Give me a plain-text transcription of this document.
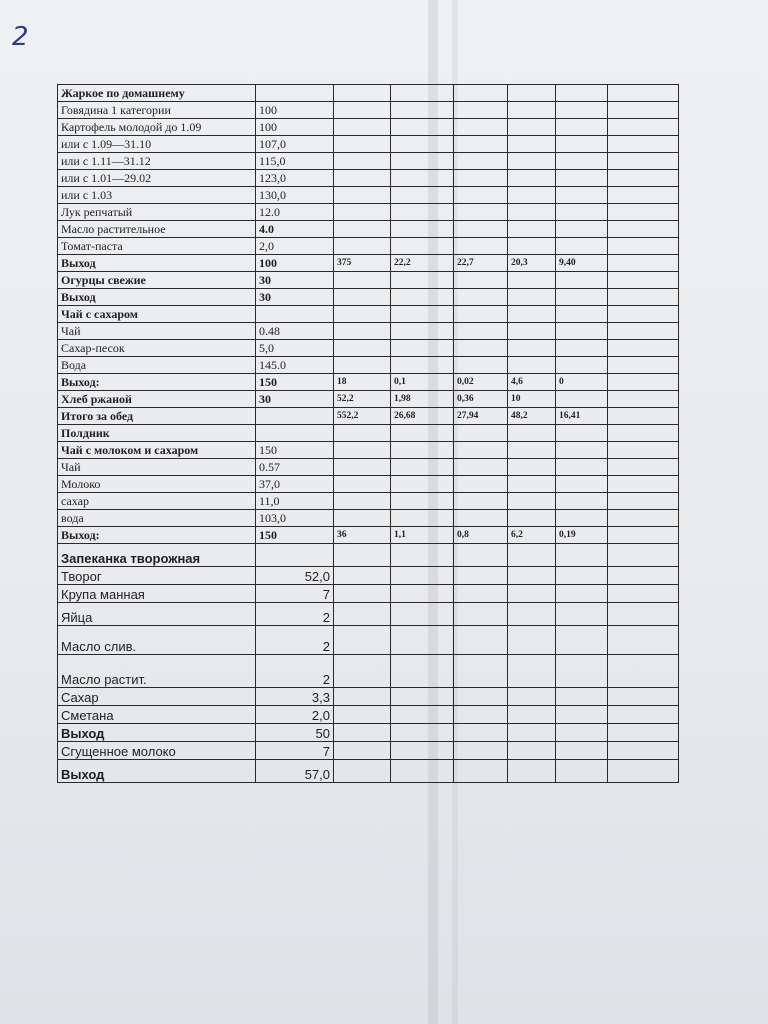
2
Жаркое по домашнему								
Говядина 1 категории	100							
Картофель молодой до 1.09	100							
или с 1.09—31.10	107,0							
или с 1.11—31.12	115,0							
или с 1.01—29.02	123,0							
или с 1.03	130,0							
Лук репчатый	12.0							
Масло растительное	4.0							
Томат-паста	2,0							
Выход	100	375	22,2	22,7	20,3	9,40		
Огурцы свежие	30							
Выход	30							
Чай с сахаром								
Чай	0.48							
Сахар-песок	5,0							
Вода	145.0							
Выход:	150	18	0,1	0,02	4,6	0		
Хлеб ржаной	30	52,2	1,98	0,36	10			
Итого за обед		552,2	26,68	27,94	48,2	16,41		
Полдник								
Чай с молоком и сахаром	150							
Чай	0.57							
Молоко	37,0							
сахар	11,0							
вода	103,0							
Выход:	150	36	1,1	0,8	6,2	0,19		
Запеканка творожная								
Творог	52,0							
Крупа манная	7							
Яйца	2							
Масло слив.	2							
Масло растит.	2							
Сахар	3,3							
Сметана	2,0							
Выход	50							
Сгущенное молоко	7							
Выход	57,0							
